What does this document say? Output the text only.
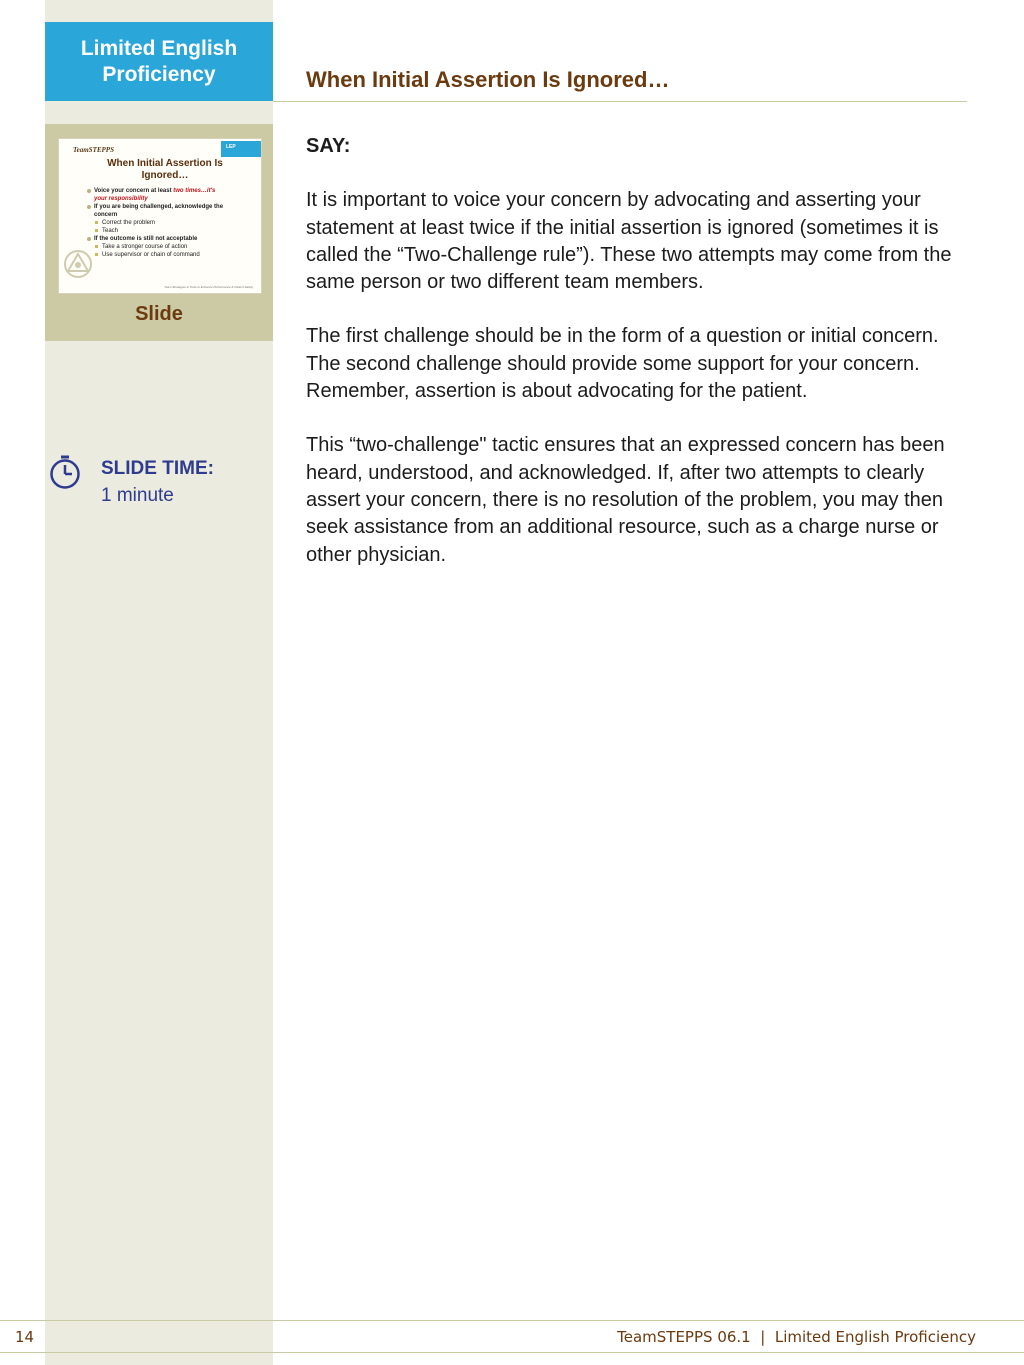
Limited English
Proficiency	When Initial Assertion Is Ignored…
TeamSTEPPS	LEP
When Initial Assertion Is
Ignored…
Voice your concern at least two times…it's
your responsibility
If you are being challenged, acknowledge the
concern
Correct the problem
Teach
If the outcome is still not acceptable
Take a stronger course of action
Use supervisor or chain of command
Team Strategies & Tools to Enhance Performance & Patient Safety
Slide
SLIDE TIME:
1 minute

SAY:

It is important to voice your concern by advocating and asserting your statement at least twice if the initial assertion is ignored (sometimes it is called the “Two-Challenge rule”). These two attempts may come from the same person or two different team members.

The first challenge should be in the form of a question or initial concern. The second challenge should provide some support for your concern. Remember, assertion is about advocating for the patient.

This “two-challenge" tactic ensures that an expressed concern has been heard, understood, and acknowledged. If, after two attempts to clearly assert your concern, there is no resolution of the problem, you may then seek assistance from an additional resource, such as a charge nurse or other physician.

14	TeamSTEPPS 06.1  |  Limited English Proficiency
